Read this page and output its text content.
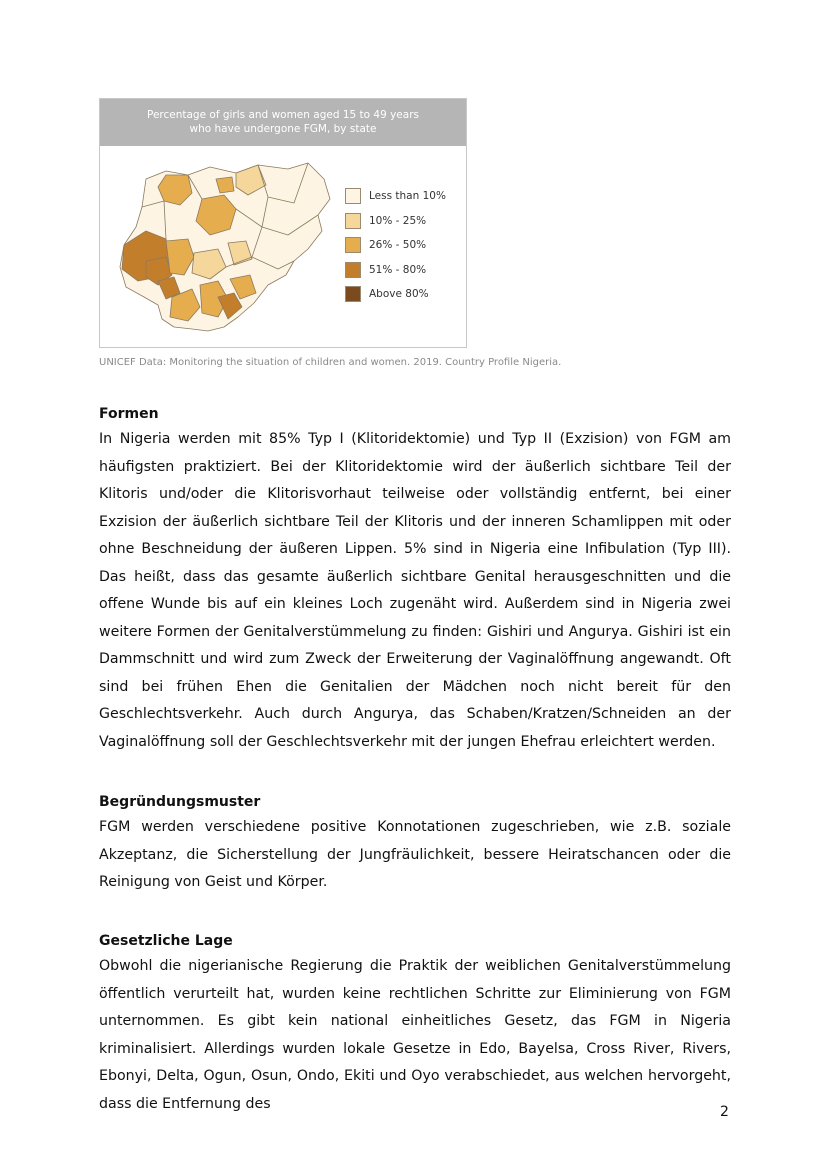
Percentage of girls and women aged 15 to 49 years
who have undergone FGM, by state
Less than 10%
10% - 25%
26% - 50%
51% - 80%
Above 80%
UNICEF Data: Monitoring the situation of children and women. 2019. Country Profile Nigeria.
Formen

In Nigeria werden mit 85% Typ I (Klitoridektomie) und Typ II (Exzision) von FGM am häufigsten praktiziert. Bei der Klitoridektomie wird der äußerlich sichtbare Teil der Klitoris und/oder die Klitorisvorhaut teilweise oder vollständig entfernt, bei einer Exzision der äußerlich sichtbare Teil der Klitoris und der inneren Schamlippen mit oder ohne Beschneidung der äußeren Lippen. 5% sind in Nigeria eine Infibulation (Typ III). Das heißt, dass das gesamte äußerlich sichtbare Genital herausgeschnitten und die offene Wunde bis auf ein kleines Loch zugenäht wird. Außerdem sind in Nigeria zwei weitere Formen der Genitalverstümmelung zu finden: Gishiri und Angurya. Gishiri ist ein Dammschnitt und wird zum Zweck der Erweiterung der Vaginalöffnung angewandt. Oft sind bei frühen Ehen die Genitalien der Mädchen noch nicht bereit für den Geschlechtsverkehr. Auch durch Angurya, das Schaben/Kratzen/Schneiden an der Vaginalöffnung soll der Geschlechtsverkehr mit der jungen Ehefrau erleichtert werden.

Begründungsmuster

FGM werden verschiedene positive Konnotationen zugeschrieben, wie z.B. soziale Akzeptanz, die Sicherstellung der Jungfräulichkeit, bessere Heiratschancen oder die Reinigung von Geist und Körper.

Gesetzliche Lage

Obwohl die nigerianische Regierung die Praktik der weiblichen Genitalverstümmelung öffentlich verurteilt hat, wurden keine rechtlichen Schritte zur Eliminierung von FGM unternommen. Es gibt kein national einheitliches Gesetz, das FGM in Nigeria kriminalisiert. Allerdings wurden lokale Gesetze in Edo, Bayelsa, Cross River, Rivers, Ebonyi, Delta, Ogun, Osun, Ondo, Ekiti und Oyo verabschiedet, aus welchen hervorgeht, dass die Entfernung des

2
